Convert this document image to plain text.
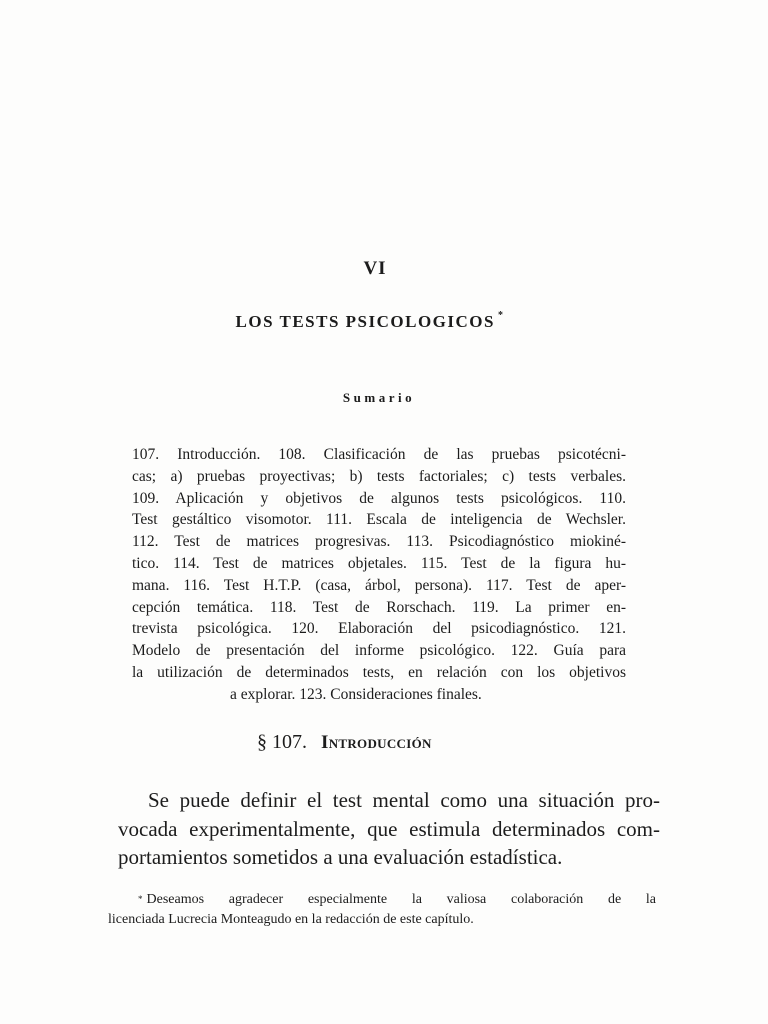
VI
LOS TESTS PSICOLOGICOS *
Sumario
107. Introducción. 108. Clasificación de las pruebas psicotécni-
cas; a) pruebas proyectivas; b) tests factoriales; c) tests verbales.
109. Aplicación y objetivos de algunos tests psicológicos. 110.
Test gestáltico visomotor. 111. Escala de inteligencia de Wechsler.
112. Test de matrices progresivas. 113. Psicodiagnóstico miokiné-
tico. 114. Test de matrices objetales. 115. Test de la figura hu-
mana. 116. Test H.T.P. (casa, árbol, persona). 117. Test de aper-
cepción temática. 118. Test de Rorschach. 119. La primer en-
trevista psicológica. 120. Elaboración del psicodiagnóstico. 121.
Modelo de presentación del informe psicológico. 122. Guía para
la utilización de determinados tests, en relación con los objetivos
a explorar. 123. Consideraciones finales.
§ 107. Introducción
Se puede definir el test mental como una situación pro-
vocada experimentalmente, que estimula determinados com-
portamientos sometidos a una evaluación estadística.
* Deseamos agradecer especialmente la valiosa colaboración de la
licenciada Lucrecia Monteagudo en la redacción de este capítulo.
